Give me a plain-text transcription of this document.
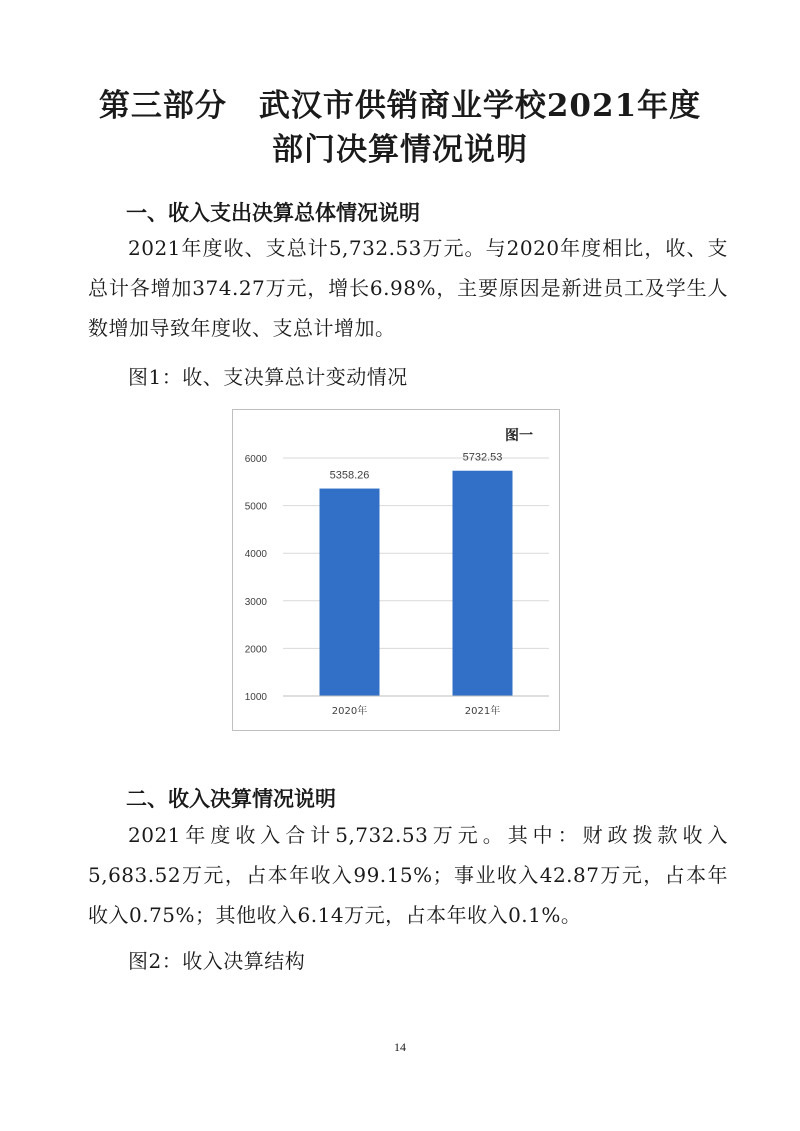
第三部分　武汉市供销商业学校2021年度
部门决算情况说明
一、收入支出决算总体情况说明
2021年度收、支总计5,732.53万元。与2020年度相比，收、支总计各增加374.27万元，增长6.98%，主要原因是新进员工及学生人数增加导致年度收、支总计增加。
图1：收、支决算总计变动情况
1000
2000
3000
4000
5000
6000
图一
5358.26
2020年
5732.53
2021年
二、收入决算情况说明
2021年度收入合计5,732.53万元。其中：财政拨款收入5,683.52万元，占本年收入99.15%；事业收入42.87万元，占本年收入0.75%；其他收入6.14万元，占本年收入0.1%。
图2：收入决算结构
14
